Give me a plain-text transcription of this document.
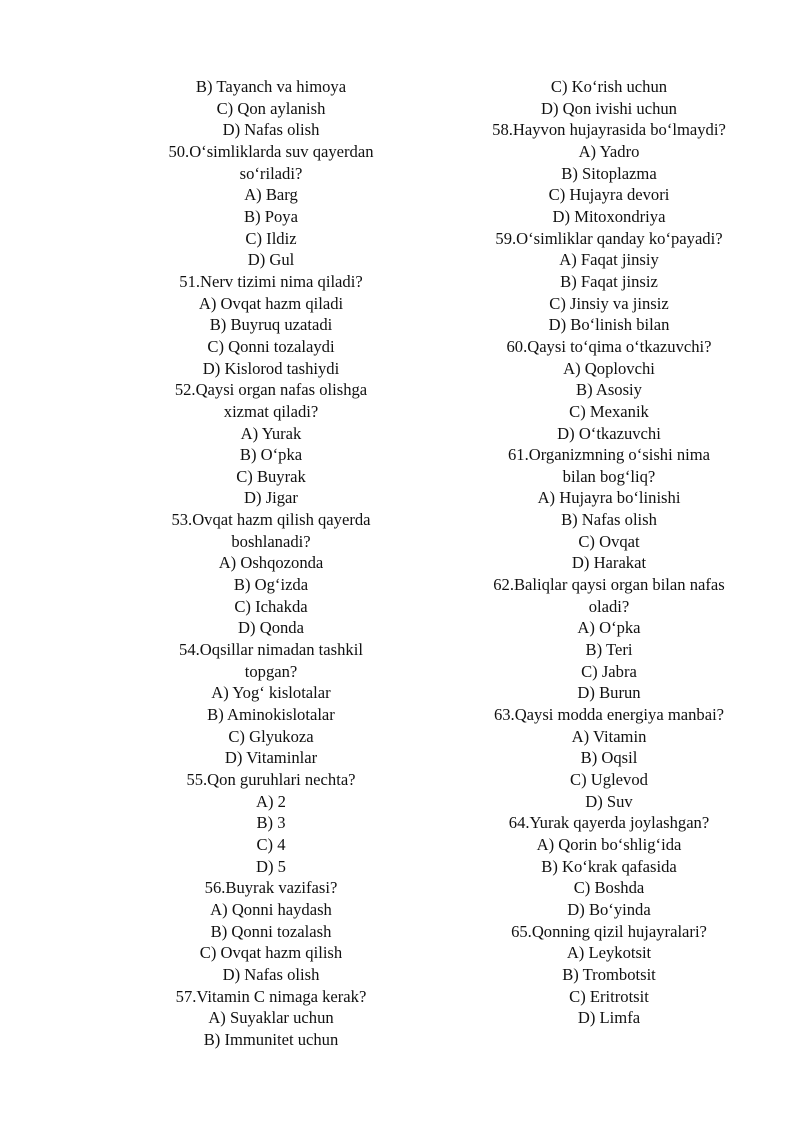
B) Tayanch va himoya
C) Qon aylanish
D) Nafas olish
50.O‘simliklarda suv qayerdan
so‘riladi?
A) Barg
B) Poya
C) Ildiz
D) Gul
51.Nerv tizimi nima qiladi?
A) Ovqat hazm qiladi
B) Buyruq uzatadi
C) Qonni tozalaydi
D) Kislorod tashiydi
52.Qaysi organ nafas olishga
xizmat qiladi?
A) Yurak
B) O‘pka
C) Buyrak
D) Jigar
53.Ovqat hazm qilish qayerda
boshlanadi?
A) Oshqozonda
B) Og‘izda
C) Ichakda
D) Qonda
54.Oqsillar nimadan tashkil
topgan?
A) Yog‘ kislotalar
B) Aminokislotalar
C) Glyukoza
D) Vitaminlar
55.Qon guruhlari nechta?
A) 2
B) 3
C) 4
D) 5
56.Buyrak vazifasi?
A) Qonni haydash
B) Qonni tozalash
C) Ovqat hazm qilish
D) Nafas olish
57.Vitamin C nimaga kerak?
A) Suyaklar uchun
B) Immunitet uchun
C) Ko‘rish uchun
D) Qon ivishi uchun
58.Hayvon hujayrasida bo‘lmaydi?
A) Yadro
B) Sitoplazma
C) Hujayra devori
D) Mitoxondriya
59.O‘simliklar qanday ko‘payadi?
A) Faqat jinsiy
B) Faqat jinsiz
C) Jinsiy va jinsiz
D) Bo‘linish bilan
60.Qaysi to‘qima o‘tkazuvchi?
A) Qoplovchi
B) Asosiy
C) Mexanik
D) O‘tkazuvchi
61.Organizmning o‘sishi nima
bilan bog‘liq?
A) Hujayra bo‘linishi
B) Nafas olish
C) Ovqat
D) Harakat
62.Baliqlar qaysi organ bilan nafas
oladi?
A) O‘pka
B) Teri
C) Jabra
D) Burun
63.Qaysi modda energiya manbai?
A) Vitamin
B) Oqsil
C) Uglevod
D) Suv
64.Yurak qayerda joylashgan?
A) Qorin bo‘shlig‘ida
B) Ko‘krak qafasida
C) Boshda
D) Bo‘yinda
65.Qonning qizil hujayralari?
A) Leykotsit
B) Trombotsit
C) Eritrotsit
D) Limfa
